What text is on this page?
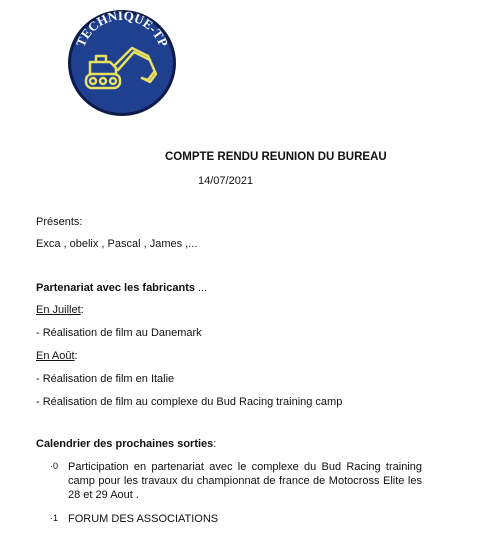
TECHNIQUE-TP
COMPTE RENDU REUNION DU BUREAU
14/07/2021
Présents:
Exca , obelix , Pascal , James ,...
Partenariat avec les fabricants ...
En Juillet:
- Réalisation de film au Danemark
En Août:
- Réalisation de film en Italie
- Réalisation de film au complexe du Bud Racing training camp
Calendrier des prochaines sorties:
·0 Participation en partenariat avec le complexe du Bud Racing training camp pour les travaux du championnat de france de Motocross Elite les 28 et 29 Aout .
·1 FORUM DES ASSOCIATIONS
